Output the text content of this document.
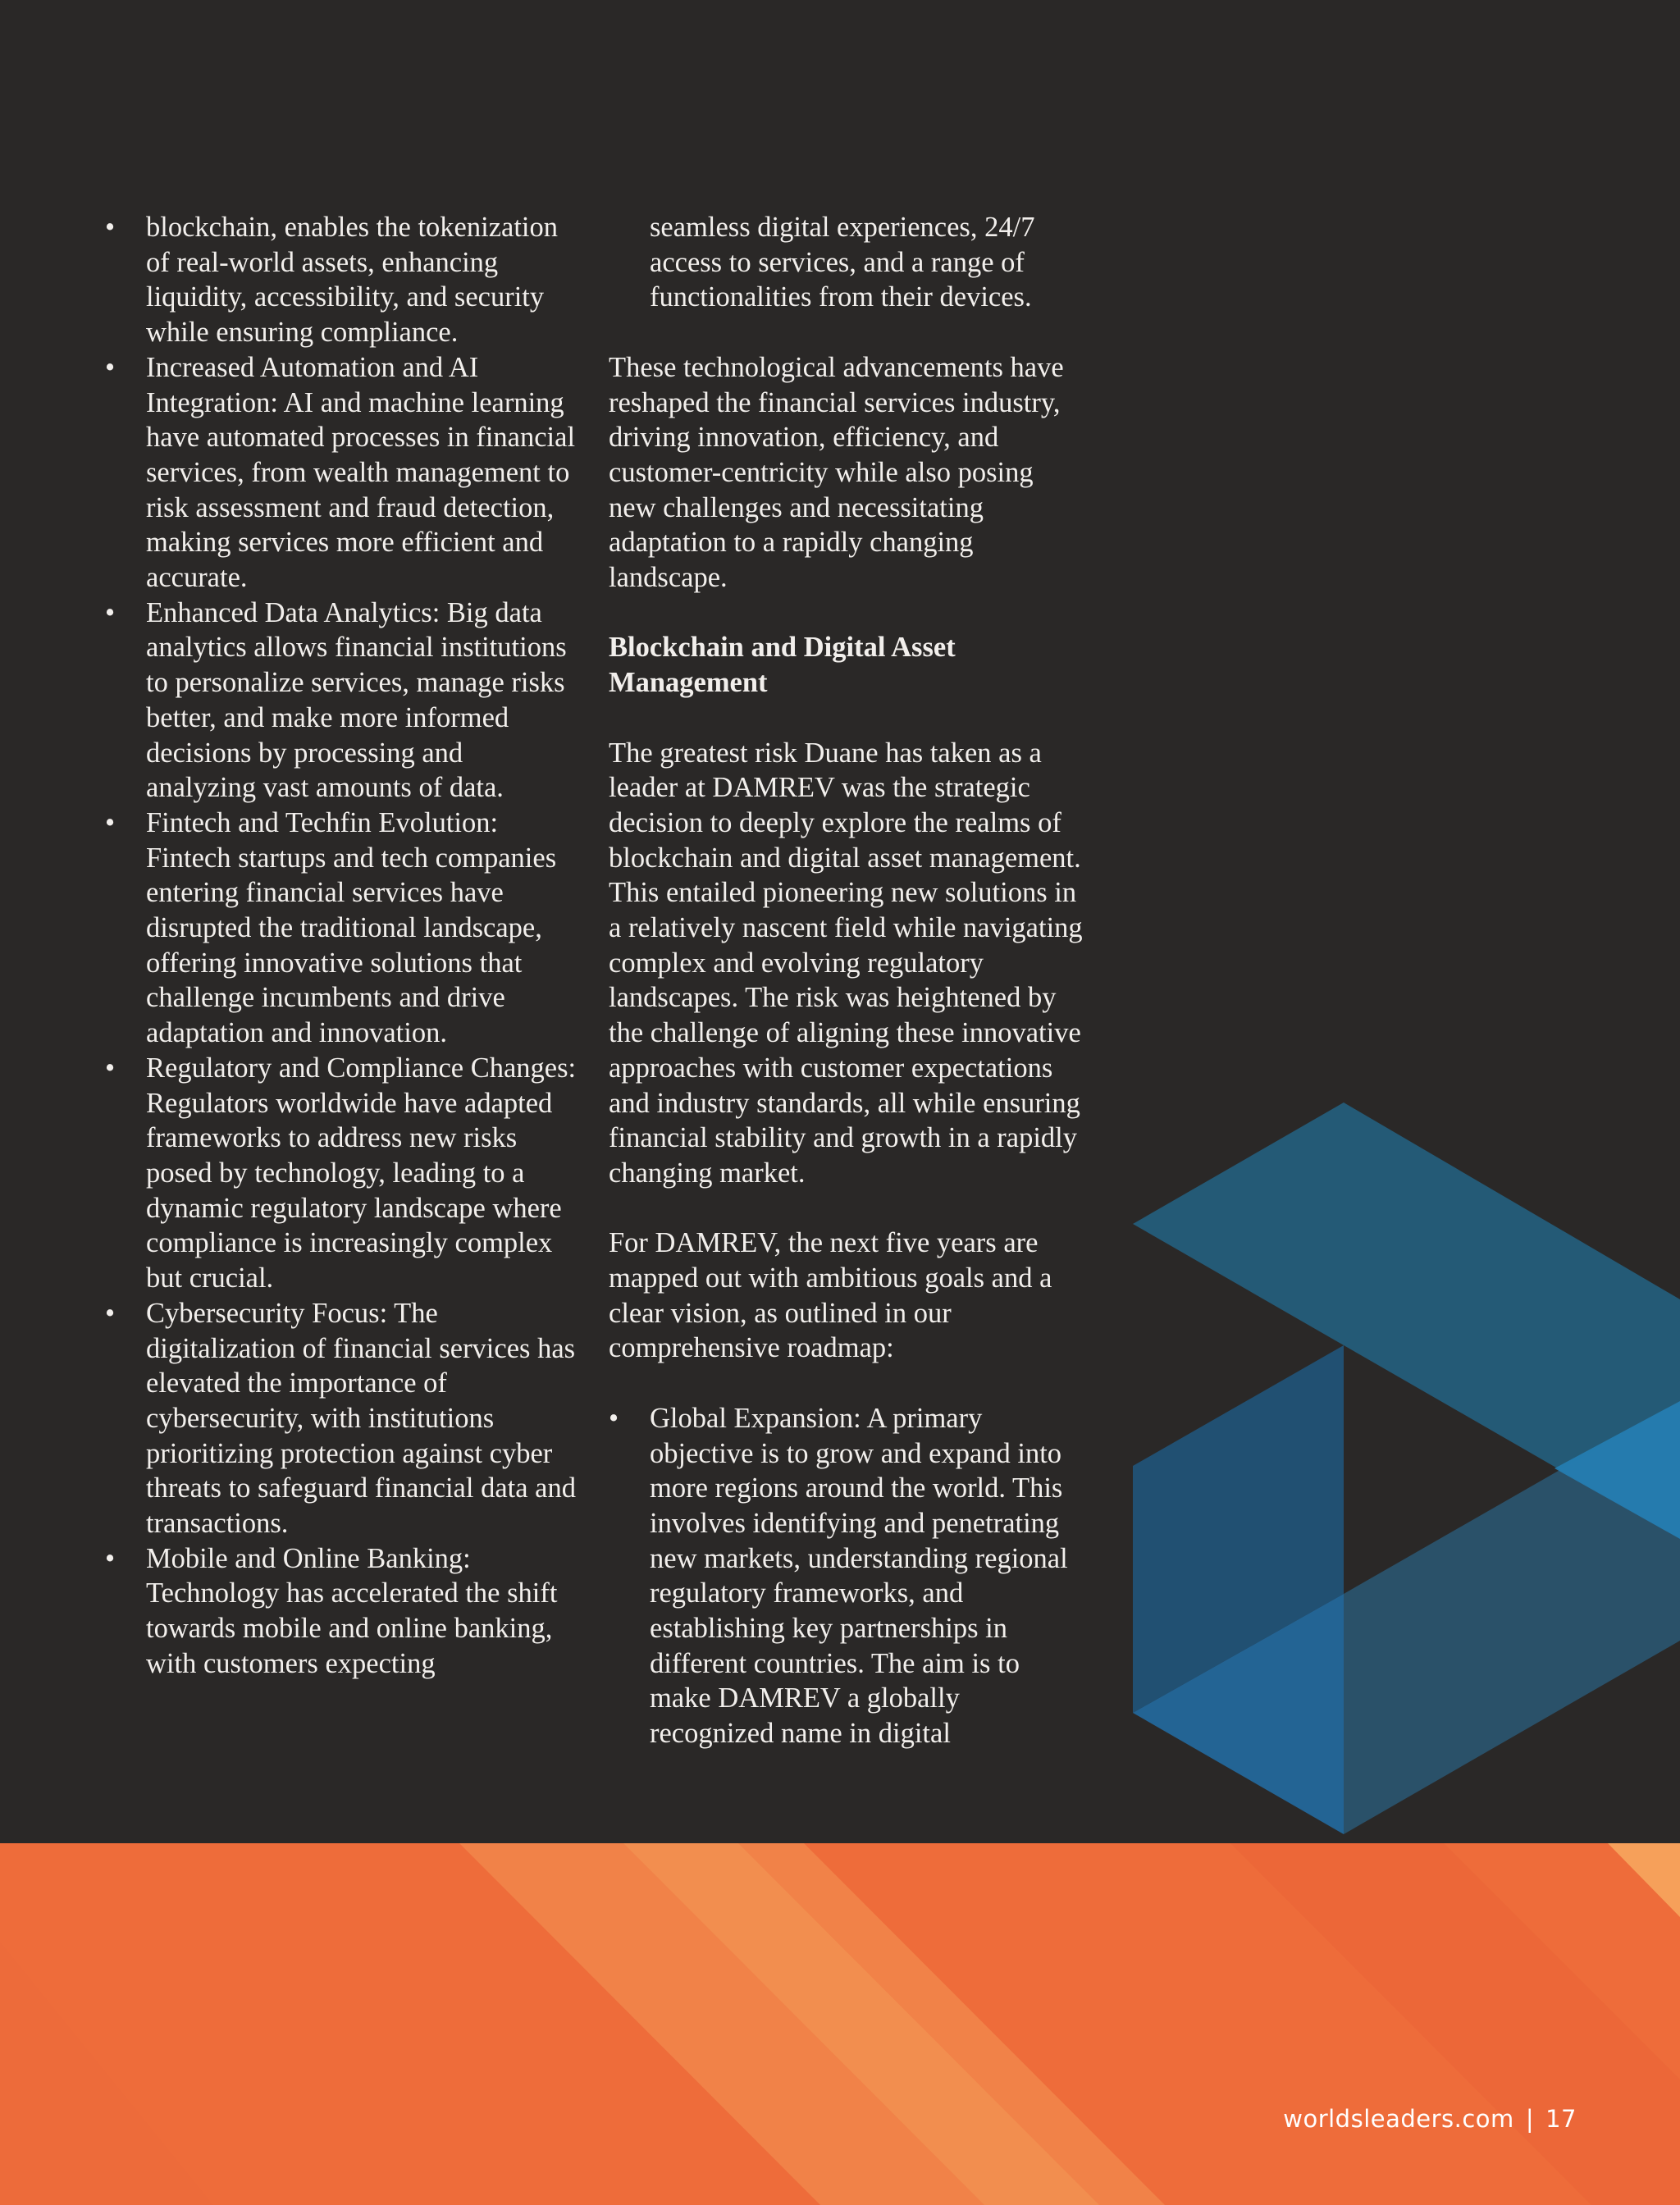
• blockchain, enables the tokenization of real-world assets, enhancing liquidity, accessibility, and security while ensuring compliance.
• Increased Automation and AI Integration: AI and machine learning have automated processes in financial services, from wealth management to risk assessment and fraud detection, making services more efficient and accurate.
• Enhanced Data Analytics: Big data analytics allows financial institutions to personalize services, manage risks better, and make more informed decisions by processing and analyzing vast amounts of data.
• Fintech and Techfin Evolution: Fintech startups and tech companies entering financial services have disrupted the traditional landscape, offering innovative solutions that challenge incumbents and drive adaptation and innovation.
• Regulatory and Compliance Changes: Regulators worldwide have adapted frameworks to address new risks posed by technology, leading to a dynamic regulatory landscape where compliance is increasingly complex but crucial.
• Cybersecurity Focus: The digitalization of financial services has elevated the importance of cybersecurity, with institutions prioritizing protection against cyber threats to safeguard financial data and transactions.
• Mobile and Online Banking: Technology has accelerated the shift towards mobile and online banking, with customers expecting

seamless digital experiences, 24/7 access to services, and a range of functionalities from their devices.

These technological advancements have reshaped the financial services industry, driving innovation, efficiency, and customer-centricity while also posing new challenges and necessitating adaptation to a rapidly changing landscape.

Blockchain and Digital Asset Management

The greatest risk Duane has taken as a leader at DAMREV was the strategic decision to deeply explore the realms of blockchain and digital asset management. This entailed pioneering new solutions in a relatively nascent field while navigating complex and evolving regulatory landscapes. The risk was heightened by the challenge of aligning these innovative approaches with customer expectations and industry standards, all while ensuring financial stability and growth in a rapidly changing market.

For DAMREV, the next five years are mapped out with ambitious goals and a clear vision, as outlined in our comprehensive roadmap:

• Global Expansion: A primary objective is to grow and expand into more regions around the world. This involves identifying and penetrating new markets, understanding regional regulatory frameworks, and establishing key partnerships in different countries. The aim is to make DAMREV a globally recognized name in digital
worldsleaders.com | 17
